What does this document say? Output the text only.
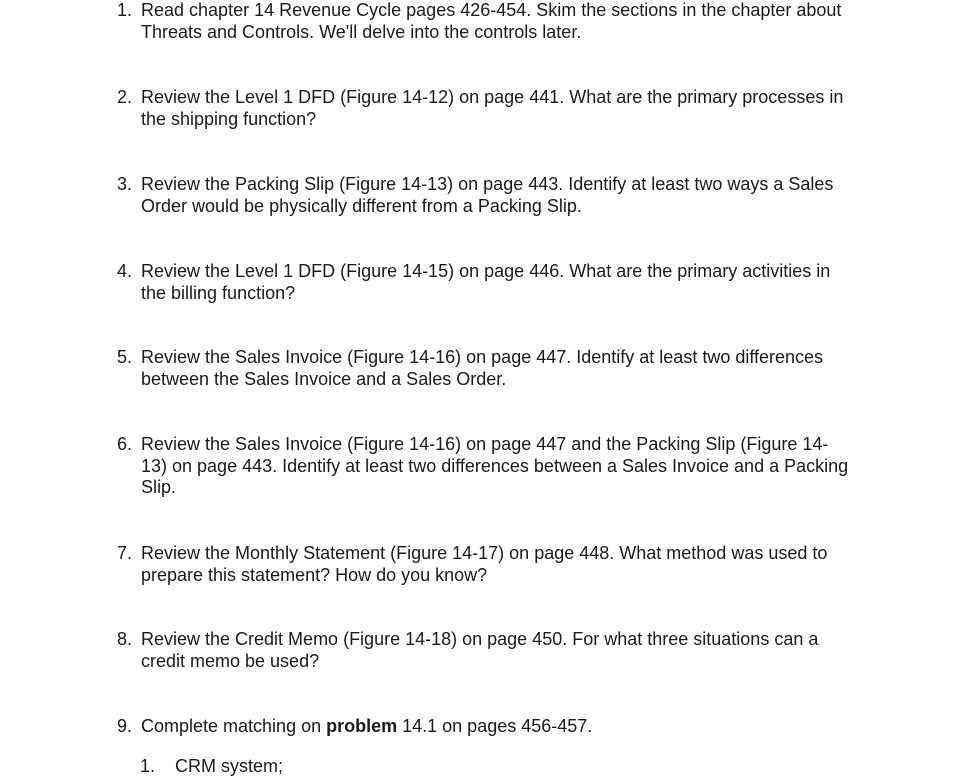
1. Read chapter 14 Revenue Cycle pages 426-454. Skim the sections in the chapter about Threats and Controls. We'll delve into the controls later.
2. Review the Level 1 DFD (Figure 14-12) on page 441. What are the primary processes in the shipping function?
3. Review the Packing Slip (Figure 14-13) on page 443. Identify at least two ways a Sales Order would be physically different from a Packing Slip.
4. Review the Level 1 DFD (Figure 14-15) on page 446. What are the primary activities in the billing function?
5. Review the Sales Invoice (Figure 14-16) on page 447. Identify at least two differences between the Sales Invoice and a Sales Order.
6. Review the Sales Invoice (Figure 14-16) on page 447 and the Packing Slip (Figure 14-13) on page 443. Identify at least two differences between a Sales Invoice and a Packing Slip.
7. Review the Monthly Statement (Figure 14-17) on page 448. What method was used to prepare this statement? How do you know?
8. Review the Credit Memo (Figure 14-18) on page 450. For what three situations can a credit memo be used?
9. Complete matching on problem 14.1 on pages 456-457.
1. CRM system;
